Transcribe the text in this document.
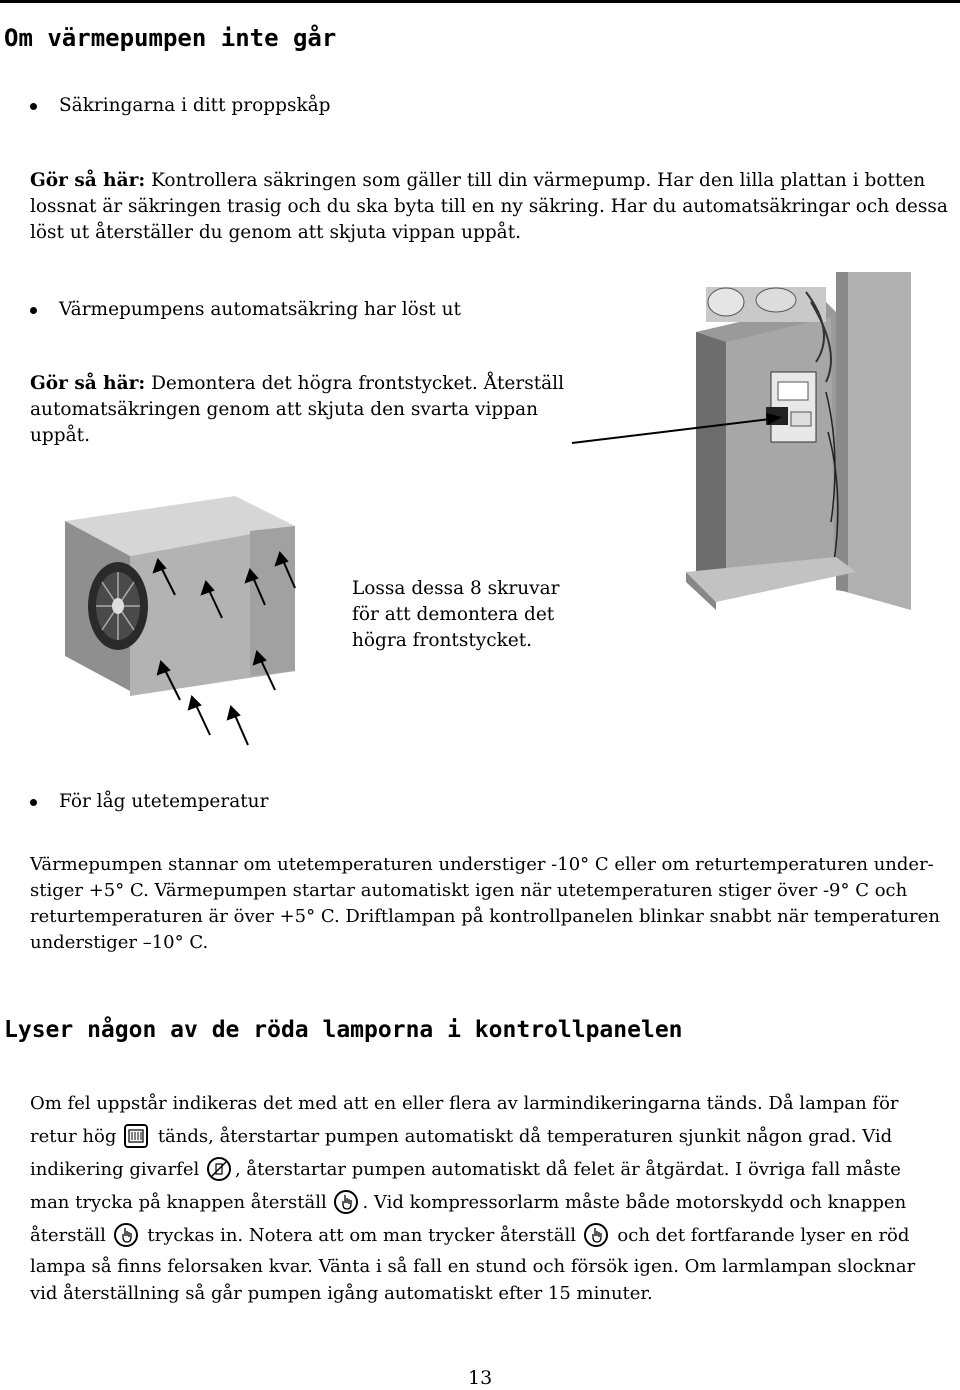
Om värmepumpen inte går
Säkringarna i ditt proppskåp
Gör så här: Kontrollera säkringen som gäller till din värmepump. Har den lilla plattan i botten
lossnat är säkringen trasig och du ska byta till en ny säkring. Har du automatsäkringar och dessa
löst ut återställer du genom att skjuta vippan uppåt.
Värmepumpens automatsäkring har löst ut
Gör så här: Demontera det högra frontstycket. Återställ
automatsäkringen genom att skjuta den svarta vippan
uppåt.
Lossa dessa 8 skruvar
för att demontera det
högra frontstycket.
För låg utetemperatur
Värmepumpen stannar om utetemperaturen understiger -10° C eller om returtemperaturen under-
stiger +5° C. Värmepumpen startar automatiskt igen när utetemperaturen stiger över -9° C och
returtemperaturen är över +5° C. Driftlampan på kontrollpanelen blinkar snabbt när temperaturen
understiger –10° C.
Lyser någon av de röda lamporna i kontrollpanelen
Om fel uppstår indikeras det med att en eller flera av larmindikeringarna tänds. Då lampan för
retur hög
tänds, återstartar pumpen automatiskt då temperaturen sjunkit någon grad. Vid
indikering givarfel
, återstartar pumpen automatiskt då felet är åtgärdat. I övriga fall måste
man trycka på knappen återställ
. Vid kompressorlarm måste både motorskydd och knappen
återställ
tryckas in. Notera att om man trycker återställ
och det fortfarande lyser en röd
lampa så finns felorsaken kvar. Vänta i så fall en stund och försök igen. Om larmlampan slocknar
vid återställning så går pumpen igång automatiskt efter 15 minuter.
13
